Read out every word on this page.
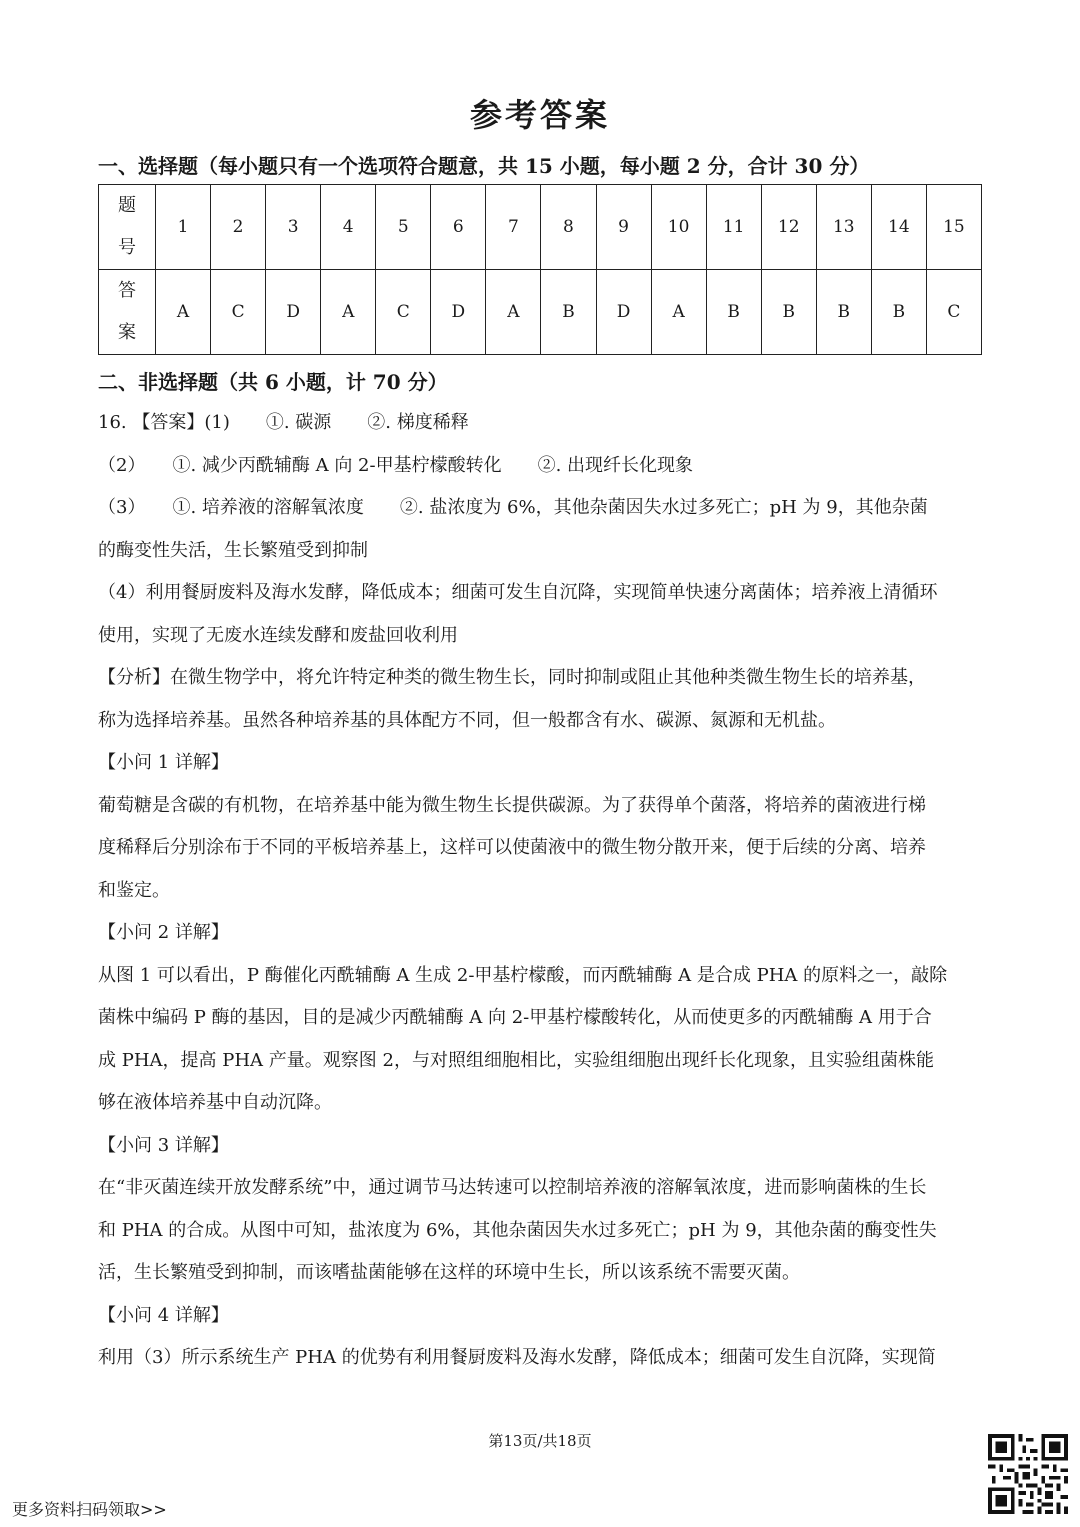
参考答案
一、选择题（每小题只有一个选项符合题意，共 15 小题，每小题 2 分，合计 30 分）
题
号	1	2	3	4	5	6	7	8	9	10	11	12	13	14	15

答
案	A	C	D	A	C	D	A	B	D	A	B	B	B	B	C
二、非选择题（共 6 小题，计 70 分）
16. 【答案】(1)　　①. 碳源　　②. 梯度稀释
（2）　　①. 减少丙酰辅酶 A 向 2-甲基柠檬酸转化　　②. 出现纤长化现象
（3）　　①. 培养液的溶解氧浓度　　②. 盐浓度为 6%，其他杂菌因失水过多死亡；pH 为 9，其他杂菌
的酶变性失活，生长繁殖受到抑制
（4）利用餐厨废料及海水发酵，降低成本；细菌可发生自沉降，实现简单快速分离菌体；培养液上清循环
使用，实现了无废水连续发酵和废盐回收利用
【分析】在微生物学中，将允许特定种类的微生物生长，同时抑制或阻止其他种类微生物生长的培养基，
称为选择培养基。虽然各种培养基的具体配方不同，但一般都含有水、碳源、氮源和无机盐。
【小问 1 详解】
葡萄糖是含碳的有机物，在培养基中能为微生物生长提供碳源。为了获得单个菌落，将培养的菌液进行梯
度稀释后分别涂布于不同的平板培养基上，这样可以使菌液中的微生物分散开来，便于后续的分离、培养
和鉴定。
【小问 2 详解】
从图 1 可以看出，P 酶催化丙酰辅酶 A 生成 2-甲基柠檬酸，而丙酰辅酶 A 是合成 PHA 的原料之一，敲除
菌株中编码 P 酶的基因，目的是减少丙酰辅酶 A 向 2-甲基柠檬酸转化，从而使更多的丙酰辅酶 A 用于合
成 PHA，提高 PHA 产量。观察图 2，与对照组细胞相比，实验组细胞出现纤长化现象，且实验组菌株能
够在液体培养基中自动沉降。
【小问 3 详解】
在“非灭菌连续开放发酵系统”中，通过调节马达转速可以控制培养液的溶解氧浓度，进而影响菌株的生长
和 PHA 的合成。从图中可知，盐浓度为 6%，其他杂菌因失水过多死亡；pH 为 9，其他杂菌的酶变性失
活，生长繁殖受到抑制，而该嗜盐菌能够在这样的环境中生长，所以该系统不需要灭菌。
【小问 4 详解】
利用（3）所示系统生产 PHA 的优势有利用餐厨废料及海水发酵，降低成本；细菌可发生自沉降，实现简
第13页/共18页
更多资料扫码领取>>
